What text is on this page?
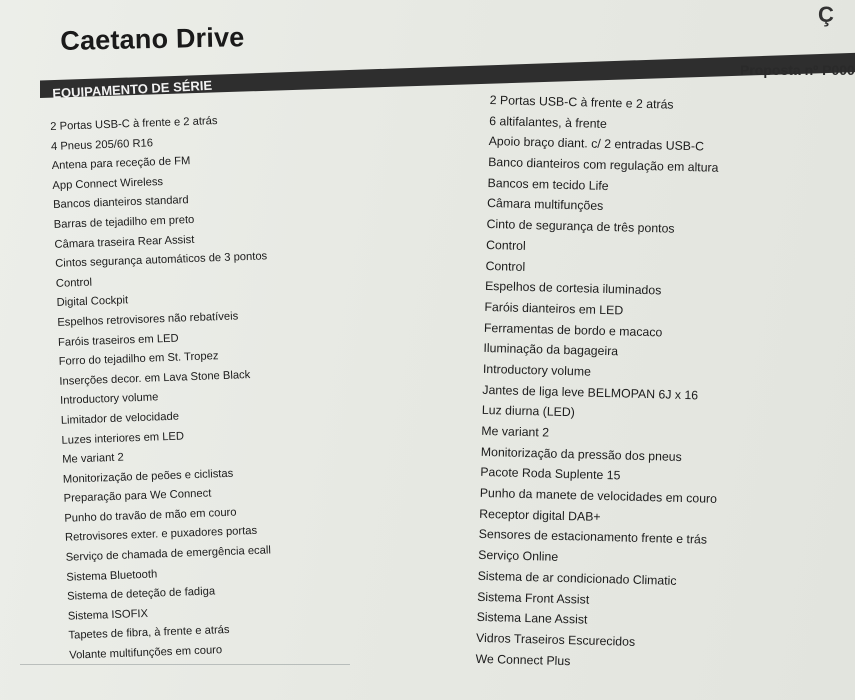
Ç
Caetano Drive
EQUIPAMENTO DE SÉRIE
Proposta nº P000
2 Portas USB-C à frente e 2 atrás
4 Pneus 205/60 R16
Antena para receção de FM
App Connect Wireless
Bancos dianteiros standard
Barras de tejadilho em preto
Câmara traseira Rear Assist
Cintos segurança automáticos de 3 pontos
Control
Digital Cockpit
Espelhos retrovisores não rebatíveis
Faróis traseiros em LED
Forro do tejadilho em St. Tropez
Inserções decor. em Lava Stone Black
Introductory volume
Limitador de velocidade
Luzes interiores em LED
Me variant 2
Monitorização de peões e ciclistas
Preparação para We Connect
Punho do travão de mão em couro
Retrovisores exter. e puxadores portas
Serviço de chamada de emergência ecall
Sistema Bluetooth
Sistema de deteção de fadiga
Sistema ISOFIX
Tapetes de fibra, à frente e atrás
Volante multifunções em couro
2 Portas USB-C à frente e 2 atrás
6 altifalantes, à frente
Apoio braço diant. c/ 2 entradas USB-C
Banco dianteiros com regulação em altura
Bancos em tecido Life
Câmara multifunções
Cinto de segurança de três pontos
Control
Control
Espelhos de cortesia iluminados
Faróis dianteiros em LED
Ferramentas de bordo e macaco
Iluminação da bagageira
Introductory volume
Jantes de liga leve BELMOPAN 6J x 16
Luz diurna (LED)
Me variant 2
Monitorização da pressão dos pneus
Pacote Roda Suplente 15
Punho da manete de velocidades em couro
Receptor digital DAB+
Sensores de estacionamento frente e trás
Serviço Online
Sistema de ar condicionado Climatic
Sistema Front Assist
Sistema Lane Assist
Vidros Traseiros Escurecidos
We Connect Plus
